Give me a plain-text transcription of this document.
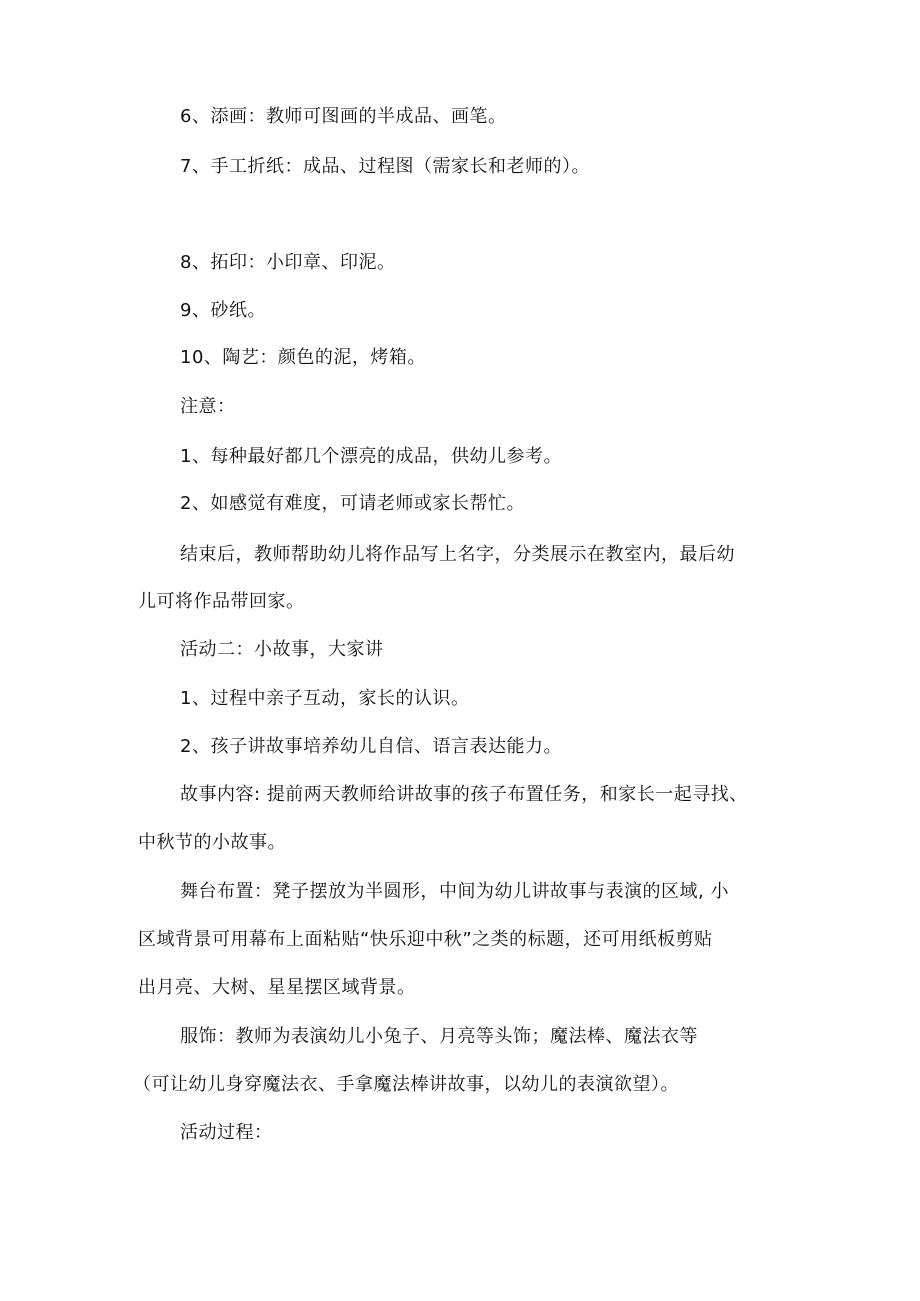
6、添画：教师可图画的半成品、画笔。
7、手工折纸：成品、过程图（需家长和老师的）。
8、拓印：小印章、印泥。
9、砂纸。
10、陶艺：颜色的泥，烤箱。
注意：
1、每种最好都几个漂亮的成品，供幼儿参考。
2、如感觉有难度，可请老师或家长帮忙。
结束后，教师帮助幼儿将作品写上名字，分类展示在教室内，最后幼
儿可将作品带回家。
活动二：小故事，大家讲
1、过程中亲子互动，家长的认识。
2、孩子讲故事培养幼儿自信、语言表达能力。
故事内容: 提前两天教师给讲故事的孩子布置任务，和家长一起寻找、
中秋节的小故事。
舞台布置：凳子摆放为半圆形，中间为幼儿讲故事与表演的区域, 小
区域背景可用幕布上面粘贴“快乐迎中秋”之类的标题，还可用纸板剪贴
出月亮、大树、星星摆区域背景。
服饰：教师为表演幼儿小兔子、月亮等头饰；魔法棒、魔法衣等
（可让幼儿身穿魔法衣、手拿魔法棒讲故事，以幼儿的表演欲望）。
活动过程：
